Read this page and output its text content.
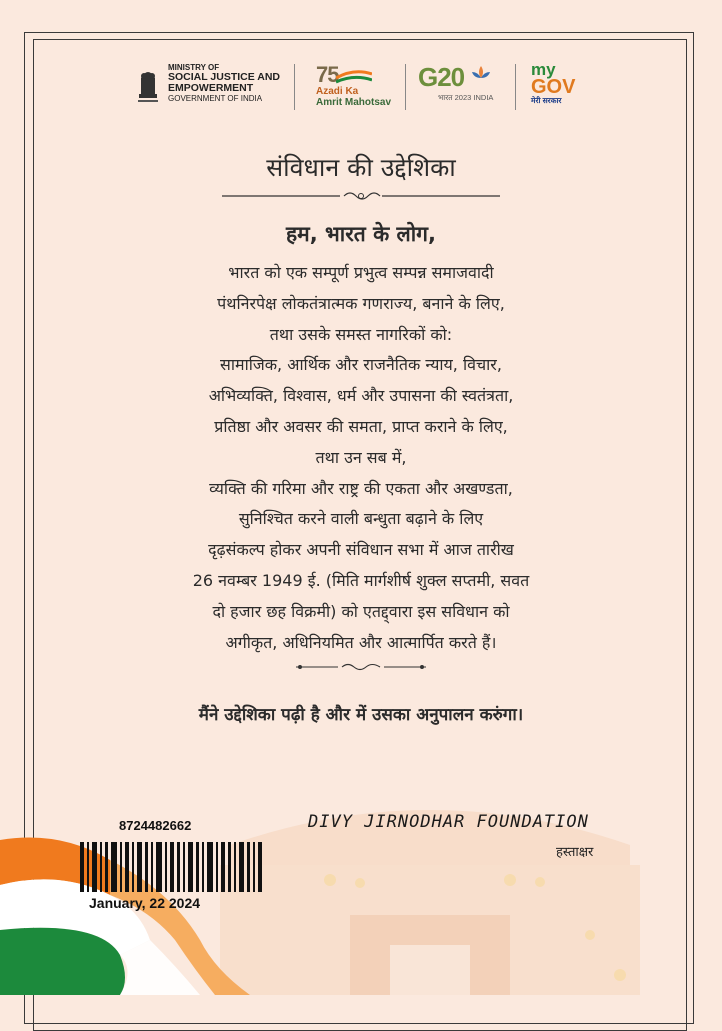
MINISTRY OF
SOCIAL JUSTICE AND
EMPOWERMENT
GOVERNMENT OF INDIA
75
Azadi Ka
Amrit Mahotsav
G20
भारत 2023 INDIA
my
GOV
मेरी सरकार
संविधान की उद्देशिका
हम, भारत के लोग,
भारत को एक सम्पूर्ण प्रभुत्व सम्पन्न समाजवादी
पंथनिरपेक्ष लोकतंत्रात्मक गणराज्य, बनाने के लिए,
तथा उसके समस्त नागरिकों को:
सामाजिक, आर्थिक और राजनैतिक न्याय, विचार,
अभिव्यक्ति, विश्वास, धर्म और उपासना की स्वतंत्रता,
प्रतिष्ठा और अवसर की समता, प्राप्त कराने के लिए,
तथा उन सब में,
व्यक्ति की गरिमा और राष्ट्र की एकता और अखण्डता,
सुनिश्चित करने वाली बन्धुता बढ़ाने के लिए
दृढ़संकल्प होकर अपनी संविधान सभा में आज तारीख
26 नवम्बर 1949 ई. (मिति मार्गशीर्ष शुक्ल सप्तमी, सवत
दो हजार छह विक्रमी) को एतद्द्वारा इस सविधान को
अगीकृत, अधिनियमित और आत्मार्पित करते हैं।
मैंने उद्देशिका पढ़ी है और में उसका अनुपालन करुंगा।
8724482662
January, 22 2024
DIVY JIRNODHAR FOUNDATION
हस्ताक्षर
